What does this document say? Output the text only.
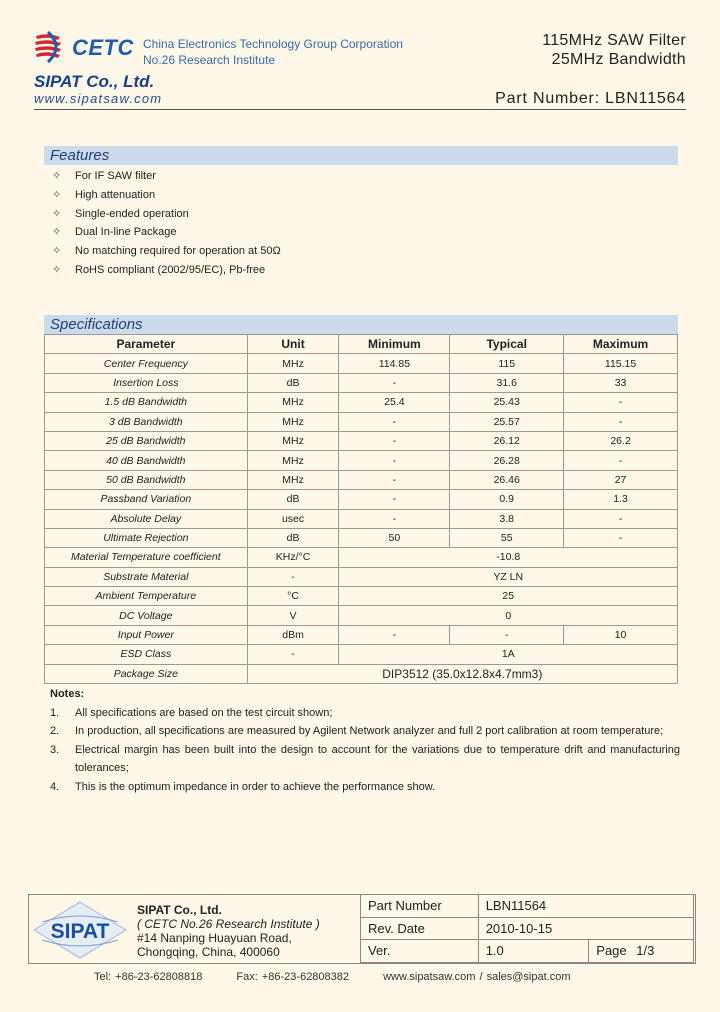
CETC China Electronics Technology Group Corporation
No.26 Research Institute
115MHz SAW Filter
25MHz Bandwidth
SIPAT Co., Ltd.
www.sipatsaw.com	Part Number: LBN11564
Features
✧	For IF SAW filter
✧	High attenuation
✧	Single-ended operation
✧	Dual In-line Package
✧	No matching required for operation at 50Ω
✧	RoHS compliant (2002/95/EC), Pb-free
Specifications
Parameter	Unit	Minimum	Typical	Maximum
Center Frequency	MHz	114.85	115	115.15
Insertion Loss	dB	-	31.6	33
1.5 dB Bandwidth	MHz	25.4	25.43	-
3 dB Bandwidth	MHz	-	25.57	-
25 dB Bandwidth	MHz	-	26.12	26.2
40 dB Bandwidth	MHz	-	26.28	-
50 dB Bandwidth	MHz	-	26.46	27
Passband Variation	dB	-	0.9	1.3
Absolute Delay	usec	-	3.8	-
Ultimate Rejection	dB	50	55	-
Material Temperature coefficient	KHz/°C	-10.8		
Substrate Material	-	YZ LN		
Ambient Temperature	°C	25		
DC Voltage	V	0		
Input Power	dBm	-	-	10
ESD Class	-	1A		
Package Size	DIP3512 (35.0x12.8x4.7mm3)			
Notes:
1.	All specifications are based on the test circuit shown;
2.	In production, all specifications are measured by Agilent Network analyzer and full 2 port calibration at room temperature;
3.	Electrical margin has been built into the design to account for the variations due to temperature drift and manufacturing tolerances;
4.	This is the optimum impedance in order to achieve the performance show.
SIPAT
SIPAT Co., Ltd.
( CETC No.26 Research Institute )
#14 Nanping Huayuan Road,
Chongqing, China, 400060
Part Number	LBN11564	
Rev. Date	2010-10-15	
Ver.	1.0	Page 1/3
Tel: +86-23-62808818	Fax: +86-23-62808382	www.sipatsaw.com / sales@sipat.com
